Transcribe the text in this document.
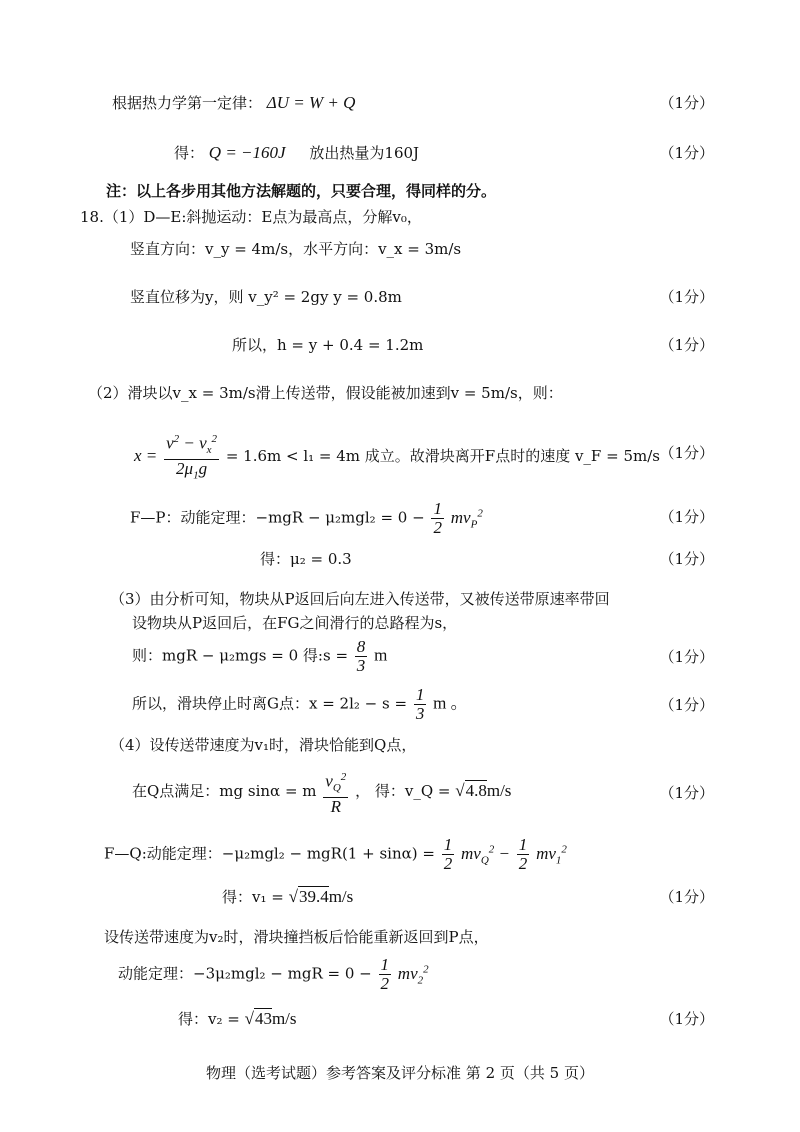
根据热力学第一定律： ΔU = W + Q	（1分）
得： Q = −160J 放出热量为160J	（1分）
注：以上各步用其他方法解题的，只要合理，得同样的分。
18.（1）D—E:斜抛运动：E点为最高点，分解v₀，
竖直方向：v_y = 4m/s，水平方向：v_x = 3m/s
竖直位移为y，则 v_y² = 2gy y = 0.8m	（1分）
所以，h = y + 0.4 = 1.2m	（1分）
（2）滑块以v_x = 3m/s滑上传送带，假设能被加速到v = 5m/s，则：
$x = \frac{v^2 - v_x^2}{2\mu_1g} = 1.6m < l_1 = 4m$ 成立。故滑块离开F点时的速度 v_F = 5m/s （1分）
F—P：动能定理：$-mgR - \mu_2mgl_2 = 0 - \frac{1}{2} mv_P^2$	（1分）
得：μ₂ = 0.3	（1分）
（3）由分析可知，物块从P返回后向左进入传送带，又被传送带原速率带回
设物块从P返回后，在FG之间滑行的总路程为s，
则：mgR − μ₂mgs = 0 得:s = $\frac{8}{3}$ m	（1分）
所以，滑块停止时离G点：$x = 2l_2 - s = \frac{1}{3}$ m 。	（1分）
（4）设传送带速度为v₁时，滑块恰能到Q点，
在Q点满足：mg sinα = m $\frac{v_Q^2}{R}$ ， 得：v_Q = √4.8m/s	（1分）
F—Q:动能定理：$-\mu_2mgl_2 - mgR(1 + \sin\alpha) = \frac{1}{2} mv_Q^2 - \frac{1}{2} mv_1^2$
得：v₁ = √39.4m/s	（1分）
设传送带速度为v₂时，滑块撞挡板后恰能重新返回到P点，
动能定理：−3μ₂mgl₂ − mgR = $0 - \frac{1}{2} mv_2^2$
得：v₂ = √43m/s	（1分）
物理（选考试题）参考答案及评分标准 第 2 页（共 5 页）
